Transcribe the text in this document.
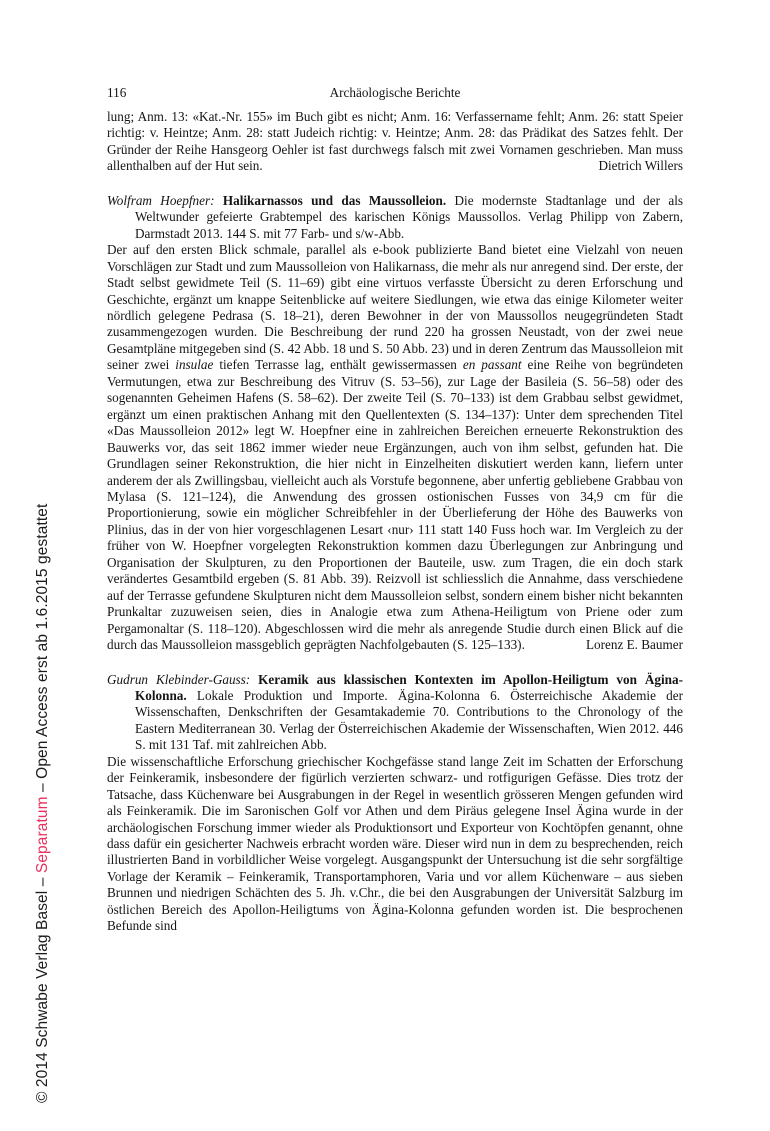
© 2014 Schwabe Verlag Basel – Separatum – Open Access erst ab 1.6.2015 gestattet
116	Archäologische Berichte

lung; Anm. 13: «Kat.-Nr. 155» im Buch gibt es nicht; Anm. 16: Verfassername fehlt; Anm. 26: statt Speier richtig: v. Heintze; Anm. 28: statt Judeich richtig: v. Heintze; Anm. 28: das Prädikat des Satzes fehlt. Der Gründer der Reihe Hansgeorg Oehler ist fast durchwegs falsch mit zwei Vornamen geschrieben. Man muss allenthalben auf der Hut sein.	Dietrich Willers

Wolfram Hoepfner: Halikarnassos und das Maussolleion. Die modernste Stadtanlage und der als Weltwunder gefeierte Grabtempel des karischen Königs Maussollos. Verlag Philipp von Zabern, Darmstadt 2013. 144 S. mit 77 Farb- und s/w-Abb.

Der auf den ersten Blick schmale, parallel als e-book publizierte Band bietet eine Vielzahl von neuen Vorschlägen zur Stadt und zum Maussolleion von Halikarnass, die mehr als nur anregend sind. Der erste, der Stadt selbst gewidmete Teil (S. 11–69) gibt eine virtuos verfasste Übersicht zu deren Erforschung und Geschichte, ergänzt um knappe Seitenblicke auf weitere Siedlungen, wie etwa das einige Kilometer weiter nördlich gelegene Pedrasa (S. 18–21), deren Bewohner in der von Maussollos neugegründeten Stadt zusammengezogen wurden. Die Beschreibung der rund 220 ha grossen Neustadt, von der zwei neue Gesamtpläne mitgegeben sind (S. 42 Abb. 18 und S. 50 Abb. 23) und in deren Zentrum das Maussolleion mit seiner zwei insulae tiefen Terrasse lag, enthält gewissermassen en passant eine Reihe von begründeten Vermutungen, etwa zur Beschreibung des Vitruv (S. 53–56), zur Lage der Basileia (S. 56–58) oder des sogenannten Geheimen Hafens (S. 58–62). Der zweite Teil (S. 70–133) ist dem Grabbau selbst gewidmet, ergänzt um einen praktischen Anhang mit den Quellentexten (S. 134–137): Unter dem sprechenden Titel «Das Maussolleion 2012» legt W. Hoepfner eine in zahlreichen Bereichen erneuerte Rekonstruktion des Bauwerks vor, das seit 1862 immer wieder neue Ergänzungen, auch von ihm selbst, gefunden hat. Die Grundlagen seiner Rekonstruktion, die hier nicht in Einzelheiten diskutiert werden kann, liefern unter anderem der als Zwillingsbau, vielleicht auch als Vorstufe begonnene, aber unfertig gebliebene Grabbau von Mylasa (S. 121–124), die Anwendung des grossen ostionischen Fusses von 34,9 cm für die Proportionierung, sowie ein möglicher Schreibfehler in der Überlieferung der Höhe des Bauwerks von Plinius, das in der von hier vorgeschlagenen Lesart ‹nur› 111 statt 140 Fuss hoch war. Im Vergleich zu der früher von W. Hoepfner vorgelegten Rekonstruktion kommen dazu Überlegungen zur Anbringung und Organisation der Skulpturen, zu den Proportionen der Bauteile, usw. zum Tragen, die ein doch stark verändertes Gesamtbild ergeben (S. 81 Abb. 39). Reizvoll ist schliesslich die Annahme, dass verschiedene auf der Terrasse gefundene Skulpturen nicht dem Maussolleion selbst, sondern einem bisher nicht bekannten Prunkaltar zuzuweisen seien, dies in Analogie etwa zum Athena-Heiligtum von Priene oder zum Pergamonaltar (S. 118–120). Abgeschlossen wird die mehr als anregende Studie durch einen Blick auf die durch das Maussolleion massgeblich geprägten Nachfolgebauten (S. 125–133).	Lorenz E. Baumer

Gudrun Klebinder-Gauss: Keramik aus klassischen Kontexten im Apollon-Heiligtum von Ägina-Kolonna. Lokale Produktion und Importe. Ägina-Kolonna 6. Österreichische Akademie der Wissenschaften, Denkschriften der Gesamtakademie 70. Contributions to the Chronology of the Eastern Mediterranean 30. Verlag der Österreichischen Akademie der Wissenschaften, Wien 2012. 446 S. mit 131 Taf. mit zahlreichen Abb.

Die wissenschaftliche Erforschung griechischer Kochgefässe stand lange Zeit im Schatten der Erforschung der Feinkeramik, insbesondere der figürlich verzierten schwarz- und rotfigurigen Gefässe. Dies trotz der Tatsache, dass Küchenware bei Ausgrabungen in der Regel in wesentlich grösseren Mengen gefunden wird als Feinkeramik. Die im Saronischen Golf vor Athen und dem Piräus gelegene Insel Ägina wurde in der archäologischen Forschung immer wieder als Produktionsort und Exporteur von Kochtöpfen genannt, ohne dass dafür ein gesicherter Nachweis erbracht worden wäre. Dieser wird nun in dem zu besprechenden, reich illustrierten Band in vorbildlicher Weise vorgelegt. Ausgangspunkt der Untersuchung ist die sehr sorgfältige Vorlage der Keramik – Feinkeramik, Transportamphoren, Varia und vor allem Küchenware – aus sieben Brunnen und niedrigen Schächten des 5. Jh. v.Chr., die bei den Ausgrabungen der Universität Salzburg im östlichen Bereich des Apollon-Heiligtums von Ägina-Kolonna gefunden worden ist. Die besprochenen Befunde sind
